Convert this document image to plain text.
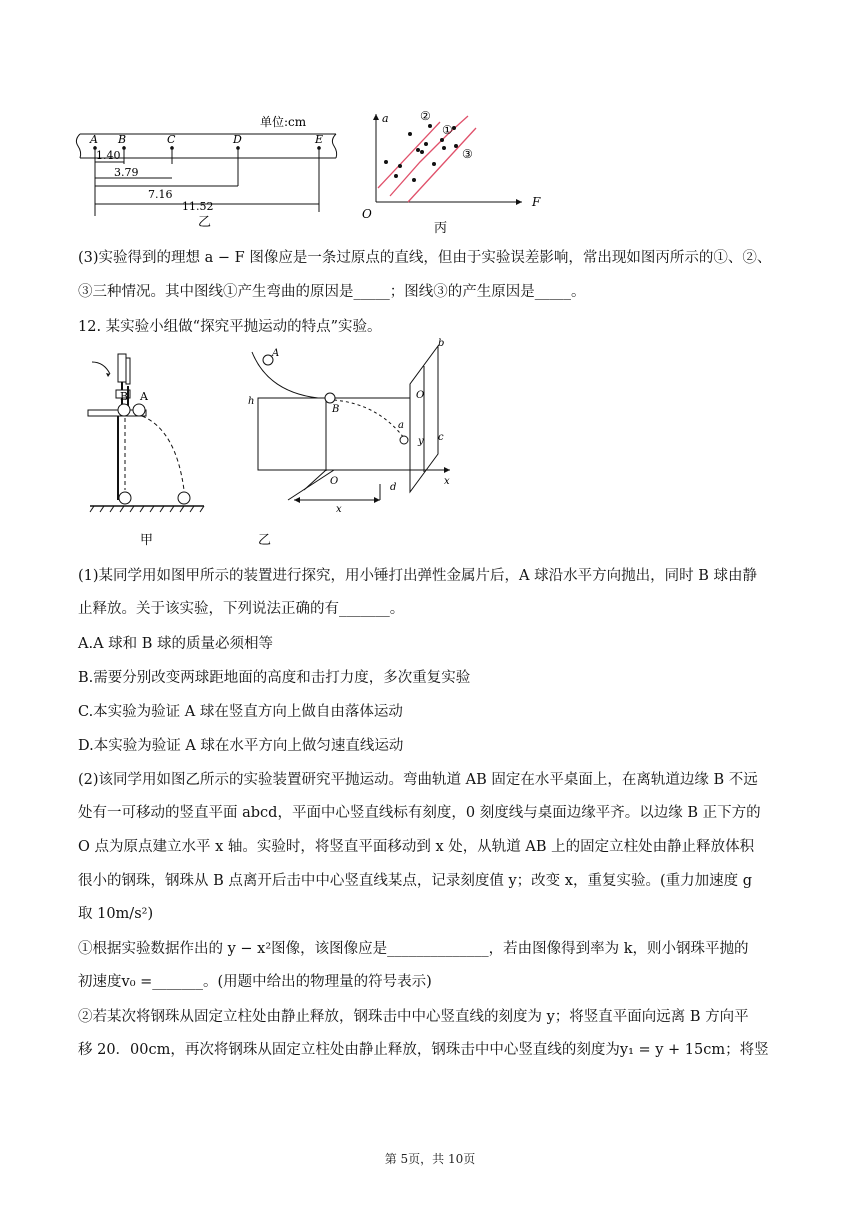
单位:cm
A B	C	D	E
1.40
3.79
7.16
11.52
乙
a
F
O
②
①
③
丙
(3)实验得到的理想 a − F 图像应是一条过原点的直线，但由于实验误差影响，常出现如图丙所示的①、②、
③三种情况。其中图线①产生弯曲的原因是_____；图线③的产生原因是_____。
12. 某实验小组做“探究平抛运动的特点”实验。
B A
甲
A
h
B
a
b
O
y c
x
O
d
x
乙
(1)某同学用如图甲所示的装置进行探究，用小锤打出弹性金属片后，A 球沿水平方向抛出，同时 B 球由静
止释放。关于该实验，下列说法正确的有_______。
A.A 球和 B 球的质量必须相等
B.需要分别改变两球距地面的高度和击打力度，多次重复实验
C.本实验为验证 A 球在竖直方向上做自由落体运动
D.本实验为验证 A 球在水平方向上做匀速直线运动
(2)该同学用如图乙所示的实验装置研究平抛运动。弯曲轨道 AB 固定在水平桌面上，在离轨道边缘 B 不远
处有一可移动的竖直平面 abcd，平面中心竖直线标有刻度，0 刻度线与桌面边缘平齐。以边缘 B 正下方的
O 点为原点建立水平 x 轴。实验时，将竖直平面移动到 x 处，从轨道 AB 上的固定立柱处由静止释放体积
很小的钢珠，钢珠从 B 点离开后击中中心竖直线某点，记录刻度值 y；改变 x，重复实验。(重力加速度 g
取 10m/s²)
①根据实验数据作出的 y − x²图像，该图像应是______________，若由图像得到率为 k，则小钢珠平抛的
初速度v₀ =_______。(用题中给出的物理量的符号表示)
②若某次将钢珠从固定立柱处由静止释放，钢珠击中中心竖直线的刻度为 y；将竖直平面向远离 B 方向平
移 20．00cm，再次将钢珠从固定立柱处由静止释放，钢珠击中中心竖直线的刻度为y₁ = y + 15cm；将竖
第 5页，共 10页
